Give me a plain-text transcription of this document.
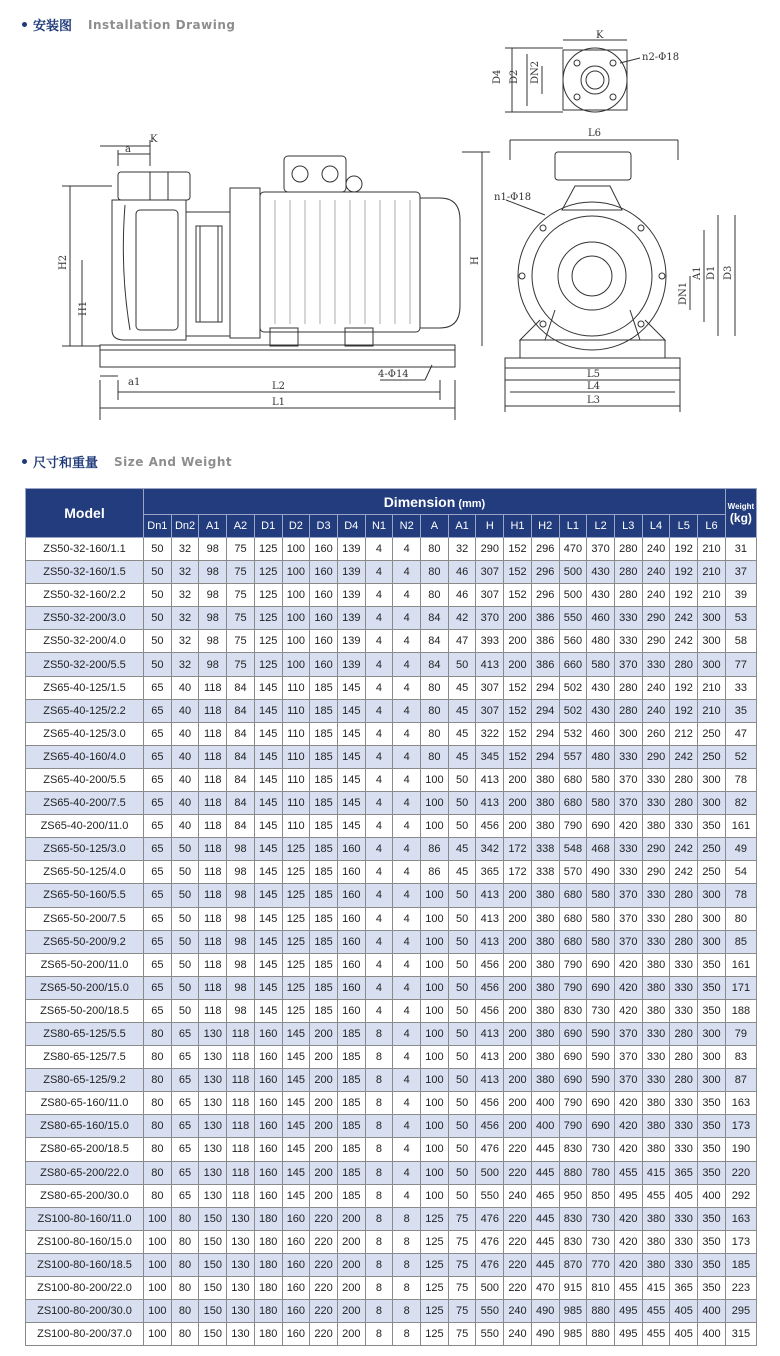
安装图 Installation Drawing
K
n2-Φ18
D4 D2 DN2
a
K
H2
H1
H
a1	L2
L1
4-Φ14
L6
n1-Φ18
DN1
A1 D1 D3
L5
L4
L3
尺寸和重量 Size And Weight
Model	Dimension (mm)																					Weight
(kg)

	Dn1	Dn2	A1	A2	D1	D2	D3	D4	N1	N2	A	A1	H	H1	H2	L1	L2	L3	L4	L5	L6	
ZS50-32-160/1.1	50	32	98	75	125	100	160	139	4	4	80	32	290	152	296	470	370	280	240	192	210	31
ZS50-32-160/1.5	50	32	98	75	125	100	160	139	4	4	80	46	307	152	296	500	430	280	240	192	210	37
ZS50-32-160/2.2	50	32	98	75	125	100	160	139	4	4	80	46	307	152	296	500	430	280	240	192	210	39
ZS50-32-200/3.0	50	32	98	75	125	100	160	139	4	4	84	42	370	200	386	550	460	330	290	242	300	53
ZS50-32-200/4.0	50	32	98	75	125	100	160	139	4	4	84	47	393	200	386	560	480	330	290	242	300	58
ZS50-32-200/5.5	50	32	98	75	125	100	160	139	4	4	84	50	413	200	386	660	580	370	330	280	300	77
ZS65-40-125/1.5	65	40	118	84	145	110	185	145	4	4	80	45	307	152	294	502	430	280	240	192	210	33
ZS65-40-125/2.2	65	40	118	84	145	110	185	145	4	4	80	45	307	152	294	502	430	280	240	192	210	35
ZS65-40-125/3.0	65	40	118	84	145	110	185	145	4	4	80	45	322	152	294	532	460	300	260	212	250	47
ZS65-40-160/4.0	65	40	118	84	145	110	185	145	4	4	80	45	345	152	294	557	480	330	290	242	250	52
ZS65-40-200/5.5	65	40	118	84	145	110	185	145	4	4	100	50	413	200	380	680	580	370	330	280	300	78
ZS65-40-200/7.5	65	40	118	84	145	110	185	145	4	4	100	50	413	200	380	680	580	370	330	280	300	82
ZS65-40-200/11.0	65	40	118	84	145	110	185	145	4	4	100	50	456	200	380	790	690	420	380	330	350	161
ZS65-50-125/3.0	65	50	118	98	145	125	185	160	4	4	86	45	342	172	338	548	468	330	290	242	250	49
ZS65-50-125/4.0	65	50	118	98	145	125	185	160	4	4	86	45	365	172	338	570	490	330	290	242	250	54
ZS65-50-160/5.5	65	50	118	98	145	125	185	160	4	4	100	50	413	200	380	680	580	370	330	280	300	78
ZS65-50-200/7.5	65	50	118	98	145	125	185	160	4	4	100	50	413	200	380	680	580	370	330	280	300	80
ZS65-50-200/9.2	65	50	118	98	145	125	185	160	4	4	100	50	413	200	380	680	580	370	330	280	300	85
ZS65-50-200/11.0	65	50	118	98	145	125	185	160	4	4	100	50	456	200	380	790	690	420	380	330	350	161
ZS65-50-200/15.0	65	50	118	98	145	125	185	160	4	4	100	50	456	200	380	790	690	420	380	330	350	171
ZS65-50-200/18.5	65	50	118	98	145	125	185	160	4	4	100	50	456	200	380	830	730	420	380	330	350	188
ZS80-65-125/5.5	80	65	130	118	160	145	200	185	8	4	100	50	413	200	380	690	590	370	330	280	300	79
ZS80-65-125/7.5	80	65	130	118	160	145	200	185	8	4	100	50	413	200	380	690	590	370	330	280	300	83
ZS80-65-125/9.2	80	65	130	118	160	145	200	185	8	4	100	50	413	200	380	690	590	370	330	280	300	87
ZS80-65-160/11.0	80	65	130	118	160	145	200	185	8	4	100	50	456	200	400	790	690	420	380	330	350	163
ZS80-65-160/15.0	80	65	130	118	160	145	200	185	8	4	100	50	456	200	400	790	690	420	380	330	350	173
ZS80-65-200/18.5	80	65	130	118	160	145	200	185	8	4	100	50	476	220	445	830	730	420	380	330	350	190
ZS80-65-200/22.0	80	65	130	118	160	145	200	185	8	4	100	50	500	220	445	880	780	455	415	365	350	220
ZS80-65-200/30.0	80	65	130	118	160	145	200	185	8	4	100	50	550	240	465	950	850	495	455	405	400	292
ZS100-80-160/11.0	100	80	150	130	180	160	220	200	8	8	125	75	476	220	445	830	730	420	380	330	350	163
ZS100-80-160/15.0	100	80	150	130	180	160	220	200	8	8	125	75	476	220	445	830	730	420	380	330	350	173
ZS100-80-160/18.5	100	80	150	130	180	160	220	200	8	8	125	75	476	220	445	870	770	420	380	330	350	185
ZS100-80-200/22.0	100	80	150	130	180	160	220	200	8	8	125	75	500	220	470	915	810	455	415	365	350	223
ZS100-80-200/30.0	100	80	150	130	180	160	220	200	8	8	125	75	550	240	490	985	880	495	455	405	400	295
ZS100-80-200/37.0	100	80	150	130	180	160	220	200	8	8	125	75	550	240	490	985	880	495	455	405	400	315
